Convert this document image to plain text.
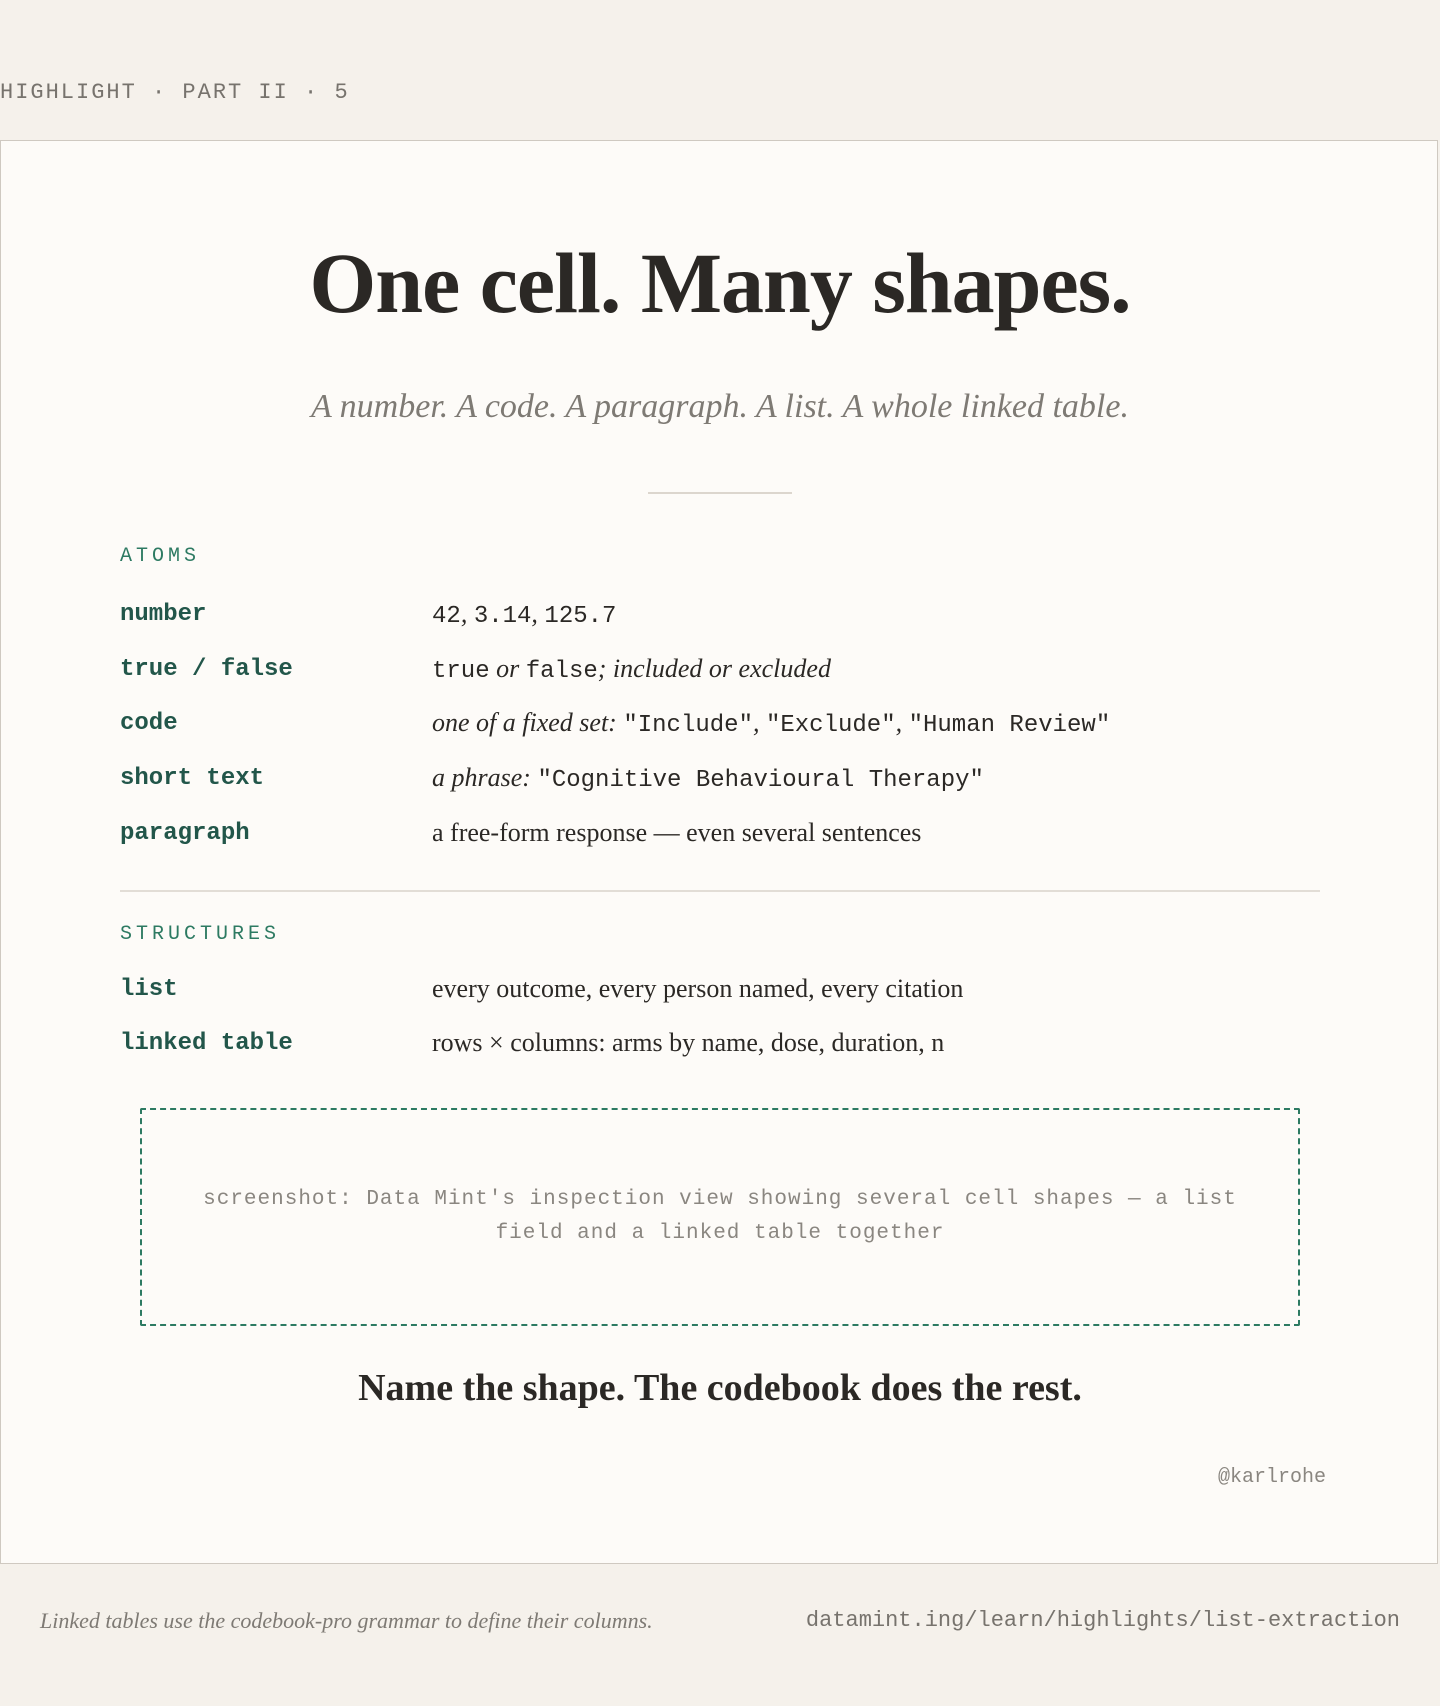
HIGHLIGHT · PART II · 5
One cell. Many shapes.

A number. A code. A paragraph. A list. A whole linked table.

ATOMS
number	42, 3.14, 125.7
true / false	true or false; included or excluded
code	one of a fixed set: "Include", "Exclude", "Human Review"
short text	a phrase: "Cognitive Behavioural Therapy"
paragraph	a free-form response — even several sentences
STRUCTURES
list	every outcome, every person named, every citation
linked table	rows × columns: arms by name, dose, duration, n
screenshot: Data Mint's inspection view showing several cell shapes — a list field and a linked table together

Name the shape. The codebook does the rest.

@karlrohe
Linked tables use the codebook-pro grammar to define their columns.	datamint.ing/learn/highlights/list-extraction
